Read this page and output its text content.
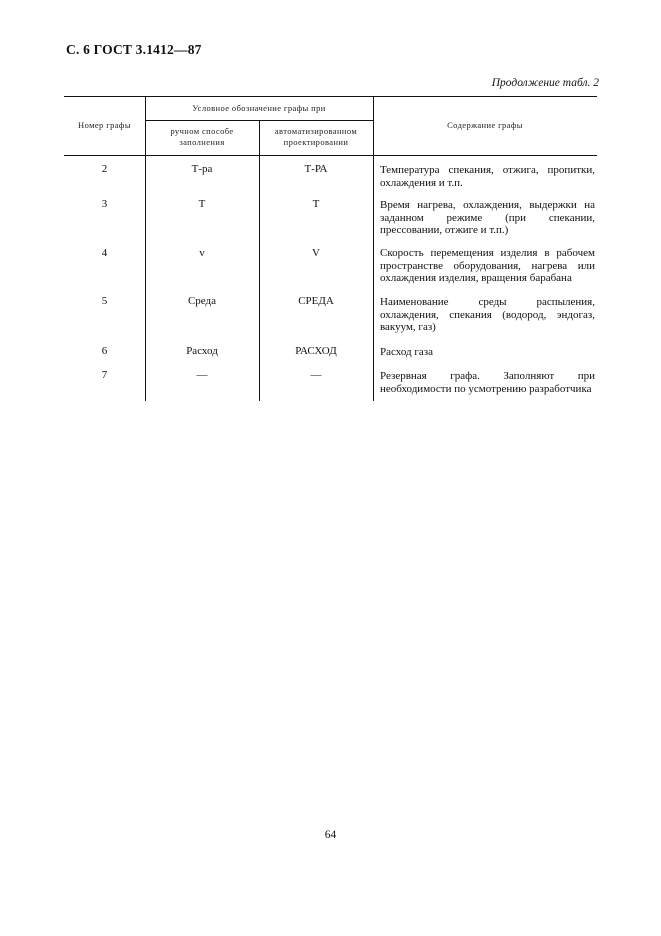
С. 6 ГОСТ 3.1412—87
Продолжение табл. 2
Номер графы
Условное обозначение графы при
ручном способе заполнения
автоматизированном проектировании
Содержание графы
2	Т-ра	Т-РА	Температура спекания, отжига, пропитки, охлаждения и т.п.
3	Т	Т	Время нагрева, охлаждения, выдержки на заданном режиме (при спекании, прессовании, отжиге и т.п.)
4	v	V	Скорость перемещения изделия в рабочем пространстве оборудования, нагрева или охлаждения изделия, вращения барабана
5	Среда	СРЕДА	Наименование среды распыления, охлаждения, спекания (водород, эндогаз, вакуум, газ)
6	Расход	РАСХОД	Расход газа
7	—	—	Резервная графа. Заполняют при необходимости по усмотрению разработчика
64
